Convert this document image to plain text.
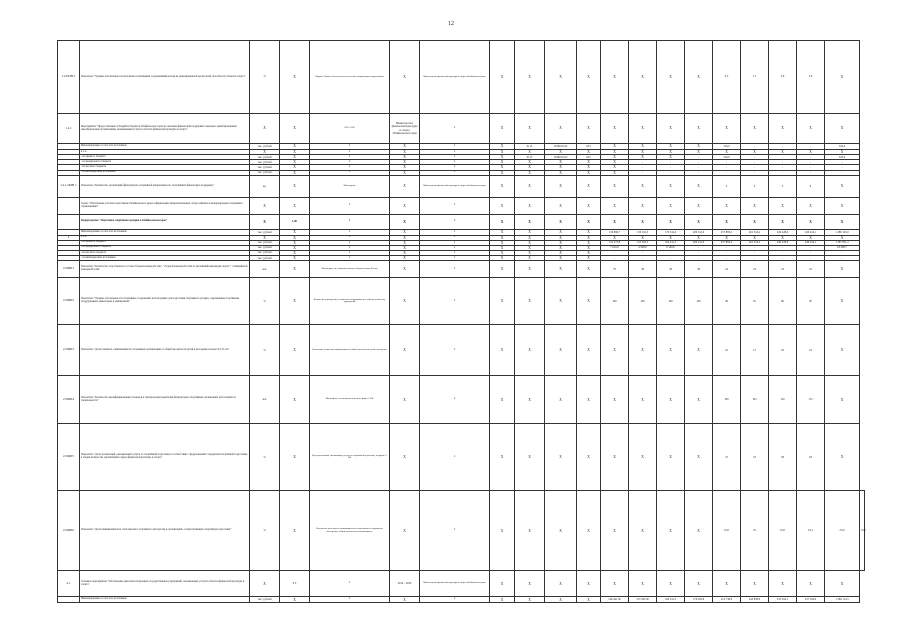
12
1.2.ПОН 1	Показатель "Уровень обеспеченности населения спортивными сооружениями исходя из единовременной пропускной способности объектов спорта"	%	X	Прирост Уровня обеспеченности населения спортивными сооружениями	X	Министерство физической культуры и спорта Забайкальского края	X	X	X	X	X	X	X	X	2,5	1,7	3,0	3,0	X	
1.2.1	Мероприятие "Предоставление субсидий из бюджета Забайкальского края на оказание финансовой поддержки социально ориентированным некоммерческим организациям, оказывающим услуги в области физической культуры и спорта"	X	X	2014 - 2020	Министерство физической культуры и спорта Забайкальского края	X	X	X	X	X	X	X	X	X	X	X	X	X	X	
	Финансирование за счет всех источников	тыс. рублей	X	X	X	X	X	0113	1016100112	633	X	X	X	X	310,0	-	-	-	310,0	
	в т.ч.:	X	X	X	X	X	X	X	X	X	X	X	X	X	X	X	X	X	X	
	- из краевого бюджета	тыс. рублей	X	X	X	X	X	0113	1016100112	633	X	X	X	-	310,0	-	-	-	310,0	
	- из федерального бюджета	тыс. рублей	X	X	X	X	X	X	X	X	X	-	-	-	-	-	-	-	-	
	- из местного бюджета	тыс. рублей	X	X	X	X	X	X	X	X	X	-	-	-	-	-	-	-	-	
	- из внебюджетных источников	тыс. рублей	X	X	X	X	X	X	X	X	X	-	-	-	-	-	-	-	-	
1.2.1.ПОН 1	Показатель "Количество организаций физкультурно-спортивной направленности, получивших финансовую поддержку"	ед.	X	Мониторинг	X	Министерство физической культуры и спорта Забайкальского края	X	X	X	X	X	X	X	X	4	4	5	6	X	
	Задача "Обеспечение участия спортсменов Забайкальского края в официальных межрегиональных, всероссийских и международных спортивных соревнованиях"	X	X	X	X	X	X	X	X	X	X	X	X	X	X	X	X	X	X	
	Подпрограмма "Подготовка спортивного резерва в Забайкальском крае"	X	1,00	X	X	X	X	X	X	X	X	X	X	X	X	X	X	X	X	
	Финансирование за счет всех источников	тыс. рублей	X	X	X	X	X	X	X	X	159 890,7	130 191,3	170 341,6	200 341,9	257 883,2	261 516,2	249 228,6	249 224,1	1 288 145,0	
2	в т.ч.:	X	X	X	X	X	X	X	X	X	X	X	X	X	X	X	X	X	X	
	- из краевого бюджета	тыс. рублей	X	X	X	X	X	X	X	X	152 273,8	125 593,3	164 241,5	200 341,9	257 883,2	261 516,2	249 228,6	249 224,1	1 287 831,2	
	- из федерального бюджета	тыс. рублей	X	X	X	X	X	X	X	X	7 616,9	4 598,0	6 100,0	-	-	-	-	-	18 299,7	
	- из местного бюджета	тыс. рублей	X	X	X	X	X	X	X	X	-	-	-	-	-	-	-	-	-	
	- из внебюджетных источников	тыс. рублей	X	X	X	X	X	X	X	X	-	-	-	-	-	-	-	-	-	
2.ПЦП1	Показатель "Количество спортсменов в составе сборных команд России", "сборной команды России по неолимпийским видам спорта", "олимпийской команды России"	чел.	X	Мониторинг, на основании списков сборных команд России	X	X	X	X	X	X	70	38	38	38	24	23	23	22	X	
2.ПЦП2	Показатель "Уровень обеспеченности спортивных сооружений, используемых для подготовки спортивного резерва, современным спортивным оборудованием, инвентарем и экипировкой"	%	X	Количество учреждений, оснащенных оборудованием, к общему количеству учреждений	X	X	X	X	X	X	100	100	100	100	40	81	90	85	X	
2.ПЦП3	Показатель "Доля учащихся, занимающихся в спортивных организациях, в общей численности детей и молодежи в возрасте 6-15 лет"	%	X	Отношение количества занимающихся к общей численности детей и молодежи	X	X	X	X	X	X	X	X	X	X	16	17	18	19	X	
2.ПЦП4	Показатель "Количество квалифицированных тренеров и тренеров-преподавателей физкультурно-спортивных организаций, работающих по специальности"	чел.	X	Мониторинг, на основании отчетов по форме 5-ФК	X	X	X	X	X	X	X	X	X	X	100	105	110	115	X	
2.ПЦП5	Показатель "Доля организаций, оказывающих услуги по спортивной подготовке в соответствии с федеральными стандартами спортивной подготовки, в общем количестве организаций в сфере физической культуры и спорта"	%	X	Доля организаций, оказывающих услуги по спортивной подготовке, по форме 5-ФК	X	X	X	X	X	X	X	X	X	X	47	53	58	63	X	
2.ПЦП6	Показатель "Доля занимающихся на этапе высшего спортивного мастерства в организациях, осуществляющих спортивную подготовку"	%	X	Отношение численности занимающихся на этапе высшего спортивного мастерства к общей численности занимающихся	X	X	X	X	X	X	X	X	X	X	25,0	25	25,0	25,1	25,0	25,0
2.1	Основное мероприятие "Обеспечение деятельности краевых государственных учреждений, оказывающих услуги в области физической культуры и спорта"	X	0,3	X	2014 - 2020	Министерство физической культуры и спорта Забайкальского края	X	X	X	X	X	X	X	X	X	X	X	X	X	
	Финансирование за счет всех источников	тыс. рублей	X	X	X	X	X	X	X	X	146 441,30	125 593,30	160 541,5	176 562,8	212 738,0	245 838,9	235 304,1	237 304,0	1 286 114,5	
